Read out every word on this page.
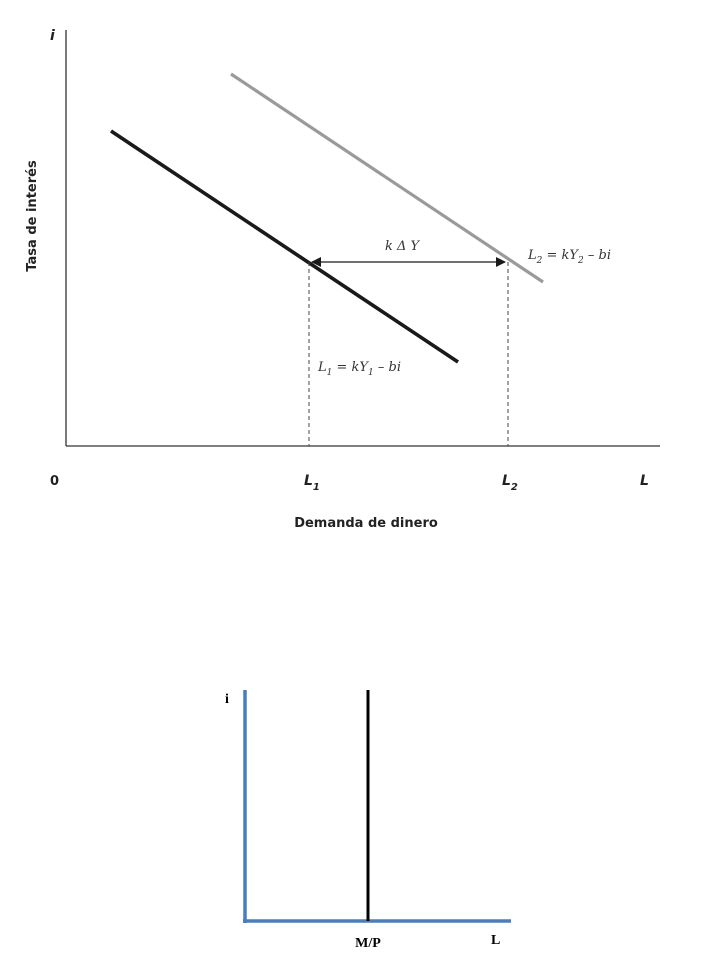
k Δ Y
$L_2 = kY_2$ – bi
$L_1 = kY_1$ – bi
i
Tasa de interés
0	$L_1$	$L_2$	L
Demanda de dinero
i
M/P	L
